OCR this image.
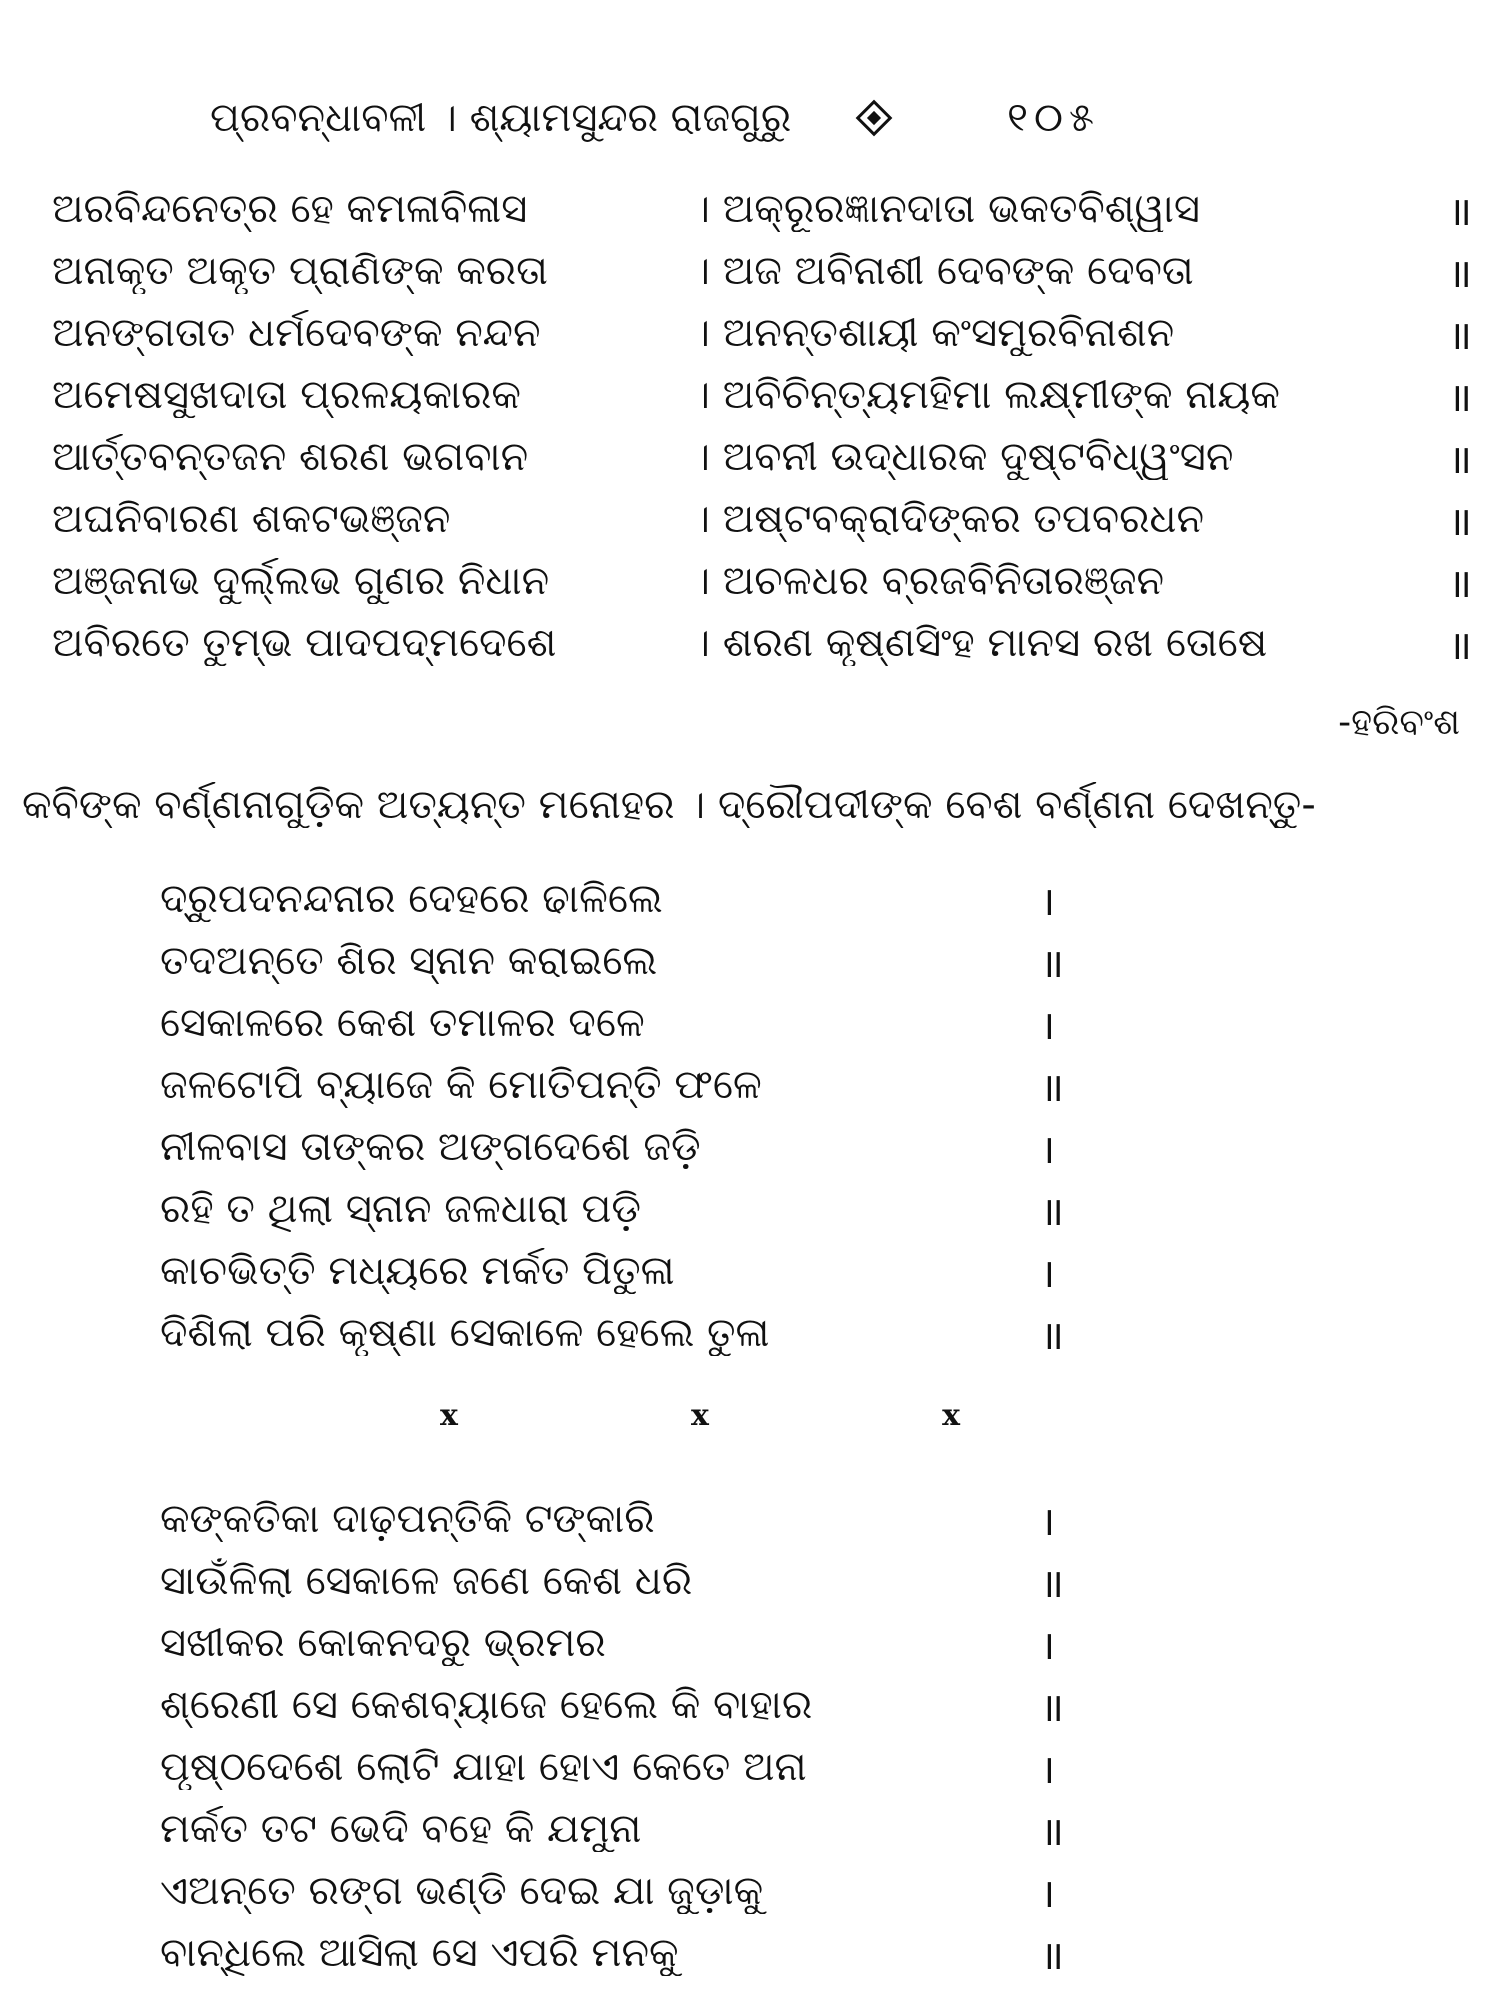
ପ୍ରବନ୍ଧାବଳୀ । ଶ୍ୟାମସୁନ୍ଦର ରାଜଗୁରୁ	୧୦୫
ଅରବିନ୍ଦନେତ୍ର ହେ କମଳାବିଳାସ	। ଅକ୍ରୂରଜ୍ଞାନଦାତା ଭକତବିଶ୍ୱାସ	॥
ଅନାକୃତ ଅକୃତ ପ୍ରାଣିଙ୍କ କରତା	। ଅଜ ଅବିନାଶୀ ଦେବଙ୍କ ଦେବତା	॥
ଅନଙ୍ଗତାତ ଧର୍ମଦେବଙ୍କ ନନ୍ଦନ	। ଅନନ୍ତଶାୟୀ କଂସମୁରବିନାଶନ	॥
ଅମେଷସୁଖଦାତା ପ୍ରଳୟକାରକ	। ଅବିଚିନ୍ତ୍ୟମହିମା ଲକ୍ଷ୍ମୀଙ୍କ ନାୟକ	॥
ଆର୍ତ୍ତବନ୍ତଜନ ଶରଣ ଭଗବାନ	। ଅବନୀ ଉଦ୍ଧାରକ ଦୁଷ୍ଟବିଧ୍ୱଂସନ	॥
ଅଘନିବାରଣ ଶକଟଭଞ୍ଜନ	। ଅଷ୍ଟବକ୍ରାଦିଙ୍କର ତପବରଧନ	॥
ଅଞ୍ଜନାଭ ଦୁର୍ଲ୍ଲଭ ଗୁଣର ନିଧାନ	। ଅଚଳଧର ବ୍ରଜବିନିତାରଞ୍ଜନ	॥
ଅବିରତେ ତୁମ୍ଭ ପାଦପଦ୍ମଦେଶେ	। ଶରଣ କୃଷ୍ଣସିଂହ ମାନସ ରଖ ତୋଷେ	॥
-ହରିବଂଶ
କବିଙ୍କ ବର୍ଣ୍ଣନାଗୁଡ଼ିକ ଅତ୍ୟନ୍ତ ମନୋହର । ଦ୍ରୌପଦୀଙ୍କ ବେଶ ବର୍ଣ୍ଣନା ଦେଖନ୍ତୁ-
ଦ୍ରୁପଦନନ୍ଦନାର ଦେହରେ ଢାଳିଲେ	।
ତଦଅନ୍ତେ ଶିର ସ୍ନାନ କରାଇଲେ	॥
ସେକାଳରେ କେଶ ତମାଳର ଦଳେ	।
ଜଳଟୋପି ବ୍ୟାଜେ କି ମୋତିପନ୍ତି ଫଳେ	॥
ନୀଳବାସ ତାଙ୍କର ଅଙ୍ଗଦେଶେ ଜଡ଼ି	।
ରହି ତ ଥିଲା ସ୍ନାନ ଜଳଧାରା ପଡ଼ି	॥
କାଚଭିତ୍ତି ମଧ୍ୟରେ ମର୍କତ ପିତୁଳା	।
ଦିଶିଲା ପରି କୃଷ୍ଣା ସେକାଳେ ହେଲେ ତୁଳା	॥
x	x	x
କଙ୍କତିକା ଦାଢ଼ପନ୍ତିକି ଟଙ୍କାରି	।
ସାଉଁଳିଲା ସେକାଳେ ଜଣେ କେଶ ଧରି	॥
ସଖୀକର କୋକନଦରୁ ଭ୍ରମର	।
ଶ୍ରେଣୀ ସେ କେଶବ୍ୟାଜେ ହେଲେ କି ବାହାର	॥
ପୃଷ୍ଠଦେଶେ ଲୋଟି ଯାହା ହୋଏ କେତେ ଅନା	।
ମର୍କତ ତଟ ଭେଦି ବହେ କି ଯମୁନା	॥
ଏଅନ୍ତେ ରଙ୍ଗ ଭଣ୍ଡି ଦେଇ ଯା ଜୁଡ଼ାକୁ	।
ବାନ୍ଧିଲେ ଆସିଲା ସେ ଏପରି ମନକୁ	॥
